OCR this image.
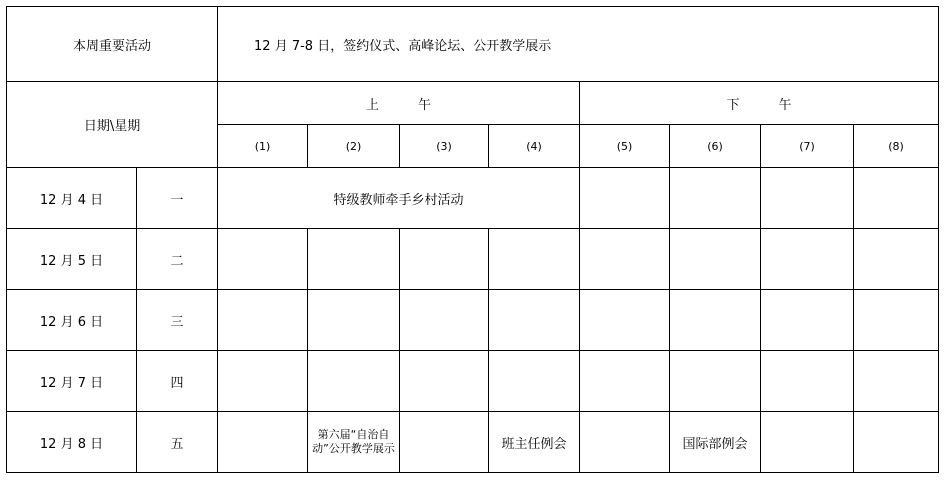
本周重要活动		12 月 7-8 日，签约仪式、高峰论坛、公开教学展示							
日期\星期		上　　　午				下　　　午			
		(1)	(2)	(3)	(4)	(5)	(6)	(7)	(8)
12 月 4 日	一	特级教师牵手乡村活动							
12 月 5 日	二								
12 月 6 日	三								
12 月 7 日	四								
12 月 8 日	五		第六届“自治自动”公开教学展示		班主任例会		国际部例会		
